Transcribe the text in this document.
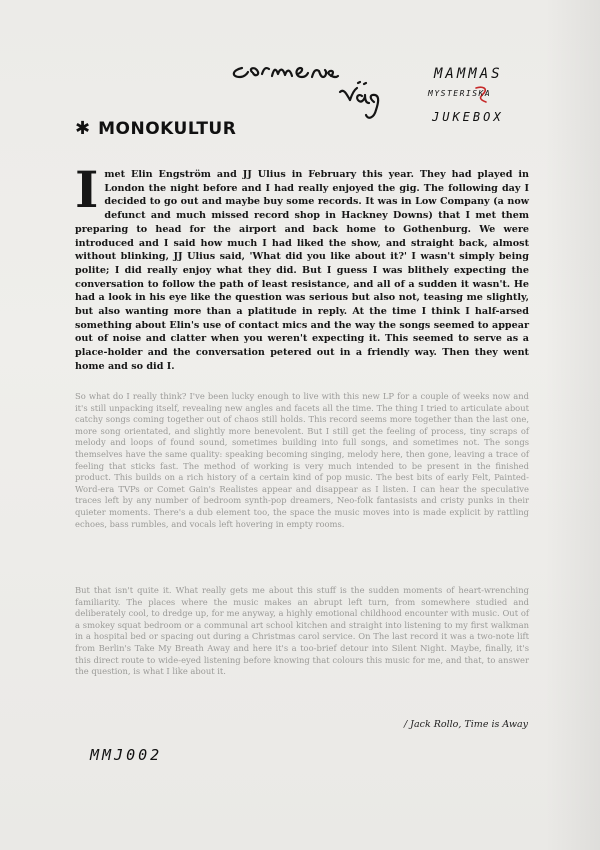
MAMMAS
MYSTERISKA
JUKEBOX
✱ MONOKULTUR

Imet Elin Engström and JJ Ulius in February this year. They had played in London the night before and I had really enjoyed the gig. The following day I decided to go out and maybe buy some records. It was in Low Company (a now defunct and much missed record shop in Hackney Downs) that I met them preparing to head for the airport and back home to Gothenburg. We were introduced and I said how much I had liked the show, and straight back, almost without blinking, JJ Ulius said, 'What did you like about it?' I wasn't simply being polite; I did really enjoy what they did. But I guess I was blithely expecting the conversation to follow the path of least resistance, and all of a sudden it wasn't. He had a look in his eye like the question was serious but also not, teasing me slightly, but also wanting more than a platitude in reply. At the time I think I half-arsed something about Elin's use of contact mics and the way the songs seemed to appear out of noise and clatter when you weren't expecting it. This seemed to serve as a place-holder and the conversation petered out in a friendly way. Then they went home and so did I.

So what do I really think? I've been lucky enough to live with this new LP for a couple of weeks now and it's still unpacking itself, revealing new angles and facets all the time. The thing I tried to articulate about catchy songs coming together out of chaos still holds. This record seems more together than the last one, more song orientated, and slightly more benevolent. But I still get the feeling of process, tiny scraps of melody and loops of found sound, sometimes building into full songs, and sometimes not. The songs themselves have the same quality: speaking becoming singing, melody here, then gone, leaving a trace of feeling that sticks fast. The method of working is very much intended to be present in the finished product. This builds on a rich history of a certain kind of pop music. The best bits of early Felt, Painted-Word-era TVPs or Comet Gain's Realistes appear and disappear as I listen. I can hear the speculative traces left by any number of bedroom synth-pop dreamers, Neo-folk fantasists and cristy punks in their quieter moments. There's a dub element too, the space the music moves into is made explicit by rattling echoes, bass rumbles, and vocals left hovering in empty rooms.

But that isn't quite it. What really gets me about this stuff is the sudden moments of heart-wrenching familiarity. The places where the music makes an abrupt left turn, from somewhere studied and deliberately cool, to dredge up, for me anyway, a highly emotional childhood encounter with music. Out of a smokey squat bedroom or a communal art school kitchen and straight into listening to my first walkman in a hospital bed or spacing out during a Christmas carol service. On The last record it was a two-note lift from Berlin's Take My Breath Away and here it's a too-brief detour into Silent Night. Maybe, finally, it's this direct route to wide-eyed listening before knowing that colours this music for me, and that, to answer the question, is what I like about it.

/ Jack Rollo, Time is Away
MMJ002
